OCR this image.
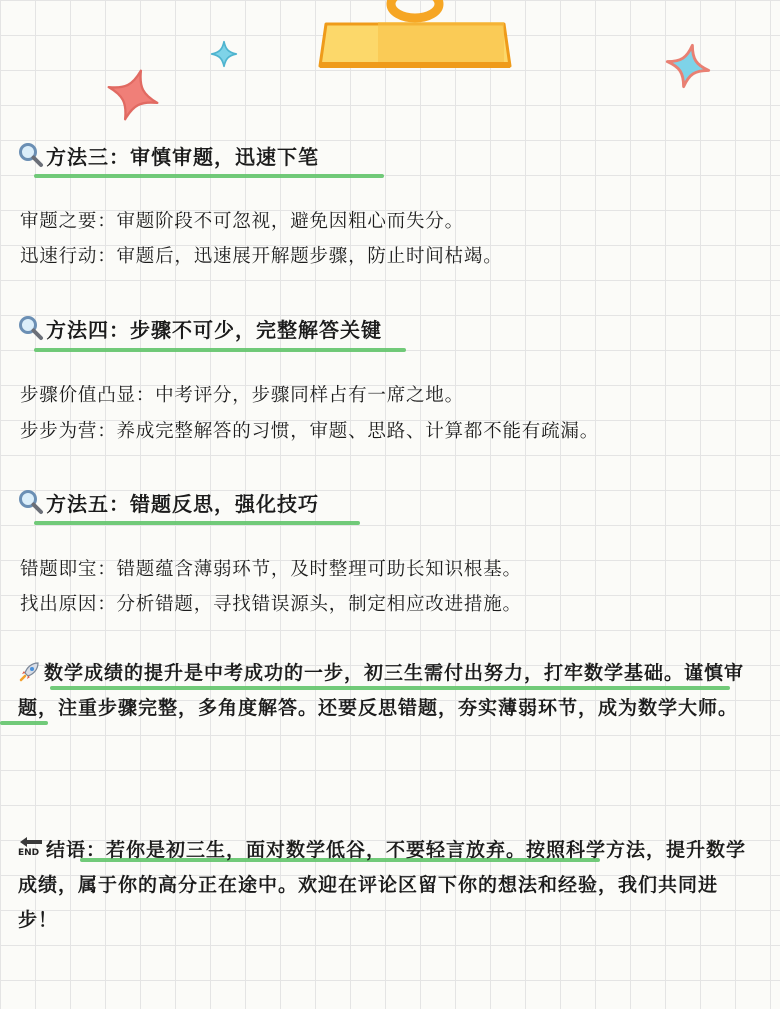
方法三：审慎审题，迅速下笔
审题之要：审题阶段不可忽视，避免因粗心而失分。
迅速行动：审题后，迅速展开解题步骤，防止时间枯竭。
方法四：步骤不可少，完整解答关键
步骤价值凸显：中考评分，步骤同样占有一席之地。
步步为营：养成完整解答的习惯，审题、思路、计算都不能有疏漏。
方法五：错题反思，强化技巧
错题即宝：错题蕴含薄弱环节，及时整理可助长知识根基。
找出原因：分析错题，寻找错误源头，制定相应改进措施。
数学成绩的提升是中考成功的一步，初三生需付出努力，打牢数学基础。谨慎审题，注重步骤完整，多角度解答。还要反思错题，夯实薄弱环节，成为数学大师。
END 结语：若你是初三生，面对数学低谷，不要轻言放弃。按照科学方法，提升数学成绩，属于你的高分正在途中。欢迎在评论区留下你的想法和经验，我们共同进步！
